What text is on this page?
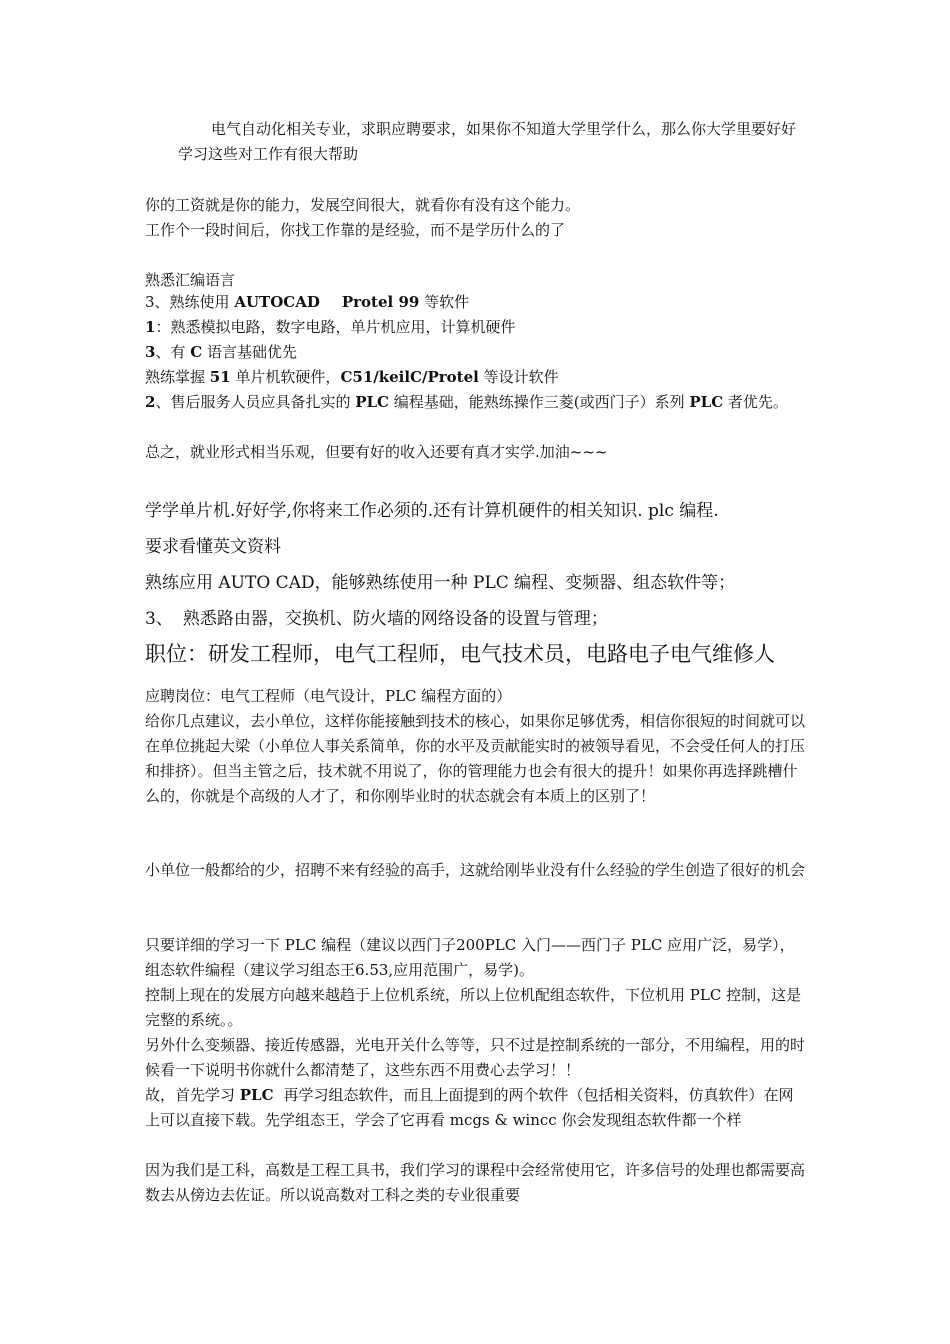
电气自动化相关专业，求职应聘要求，如果你不知道大学里学什么，那么你大学里要好好学习这些对工作有很大帮助

你的工资就是你的能力，发展空间很大，就看你有没有这个能力。

工作个一段时间后，你找工作靠的是经验，而不是学历什么的了

熟悉汇编语言

3、熟练使用 AUTOCAD Protel 99 等软件

1：熟悉模拟电路，数字电路，单片机应用，计算机硬件

3、有 C 语言基础优先

熟练掌握 51 单片机软硬件，C51/keilC/Protel 等设计软件

2、售后服务人员应具备扎实的 PLC 编程基础，能熟练操作三菱(或西门子）系列 PLC 者优先。

总之，就业形式相当乐观，但要有好的收入还要有真才实学.加油~~~

学学单片机.好好学,你将来工作必须的.还有计算机硬件的相关知识. plc 编程.

要求看懂英文资料

熟练应用 AUTO CAD，能够熟练使用一种 PLC 编程、变频器、组态软件等；

3、 熟悉路由器，交换机、防火墙的网络设备的设置与管理；

职位：研发工程师，电气工程师，电气技术员，电路电子电气维修人

应聘岗位：电气工程师（电气设计，PLC 编程方面的）

给你几点建议，去小单位，这样你能接触到技术的核心，如果你足够优秀，相信你很短的时间就可以在单位挑起大梁（小单位人事关系简单，你的水平及贡献能实时的被领导看见，不会受任何人的打压和排挤）。但当主管之后，技术就不用说了，你的管理能力也会有很大的提升！如果你再选择跳槽什么的，你就是个高级的人才了，和你刚毕业时的状态就会有本质上的区别了！

小单位一般都给的少，招聘不来有经验的高手，这就给刚毕业没有什么经验的学生创造了很好的机会

只要详细的学习一下 PLC 编程（建议以西门子200PLC 入门——西门子 PLC 应用广泛，易学），组态软件编程（建议学习组态王6.53,应用范围广，易学)。

控制上现在的发展方向越来越趋于上位机系统，所以上位机配组态软件，下位机用 PLC 控制，这是完整的系统。。

另外什么变频器、接近传感器，光电开关什么等等，只不过是控制系统的一部分，不用编程，用的时候看一下说明书你就什么都清楚了，这些东西不用费心去学习！！

故，首先学习 PLC 再学习组态软件，而且上面提到的两个软件（包括相关资料，仿真软件）在网上可以直接下载。先学组态王，学会了它再看 mcgs & wincc 你会发现组态软件都一个样

因为我们是工科，高数是工程工具书，我们学习的课程中会经常使用它，许多信号的处理也都需要高数去从傍边去佐证。所以说高数对工科之类的专业很重要
